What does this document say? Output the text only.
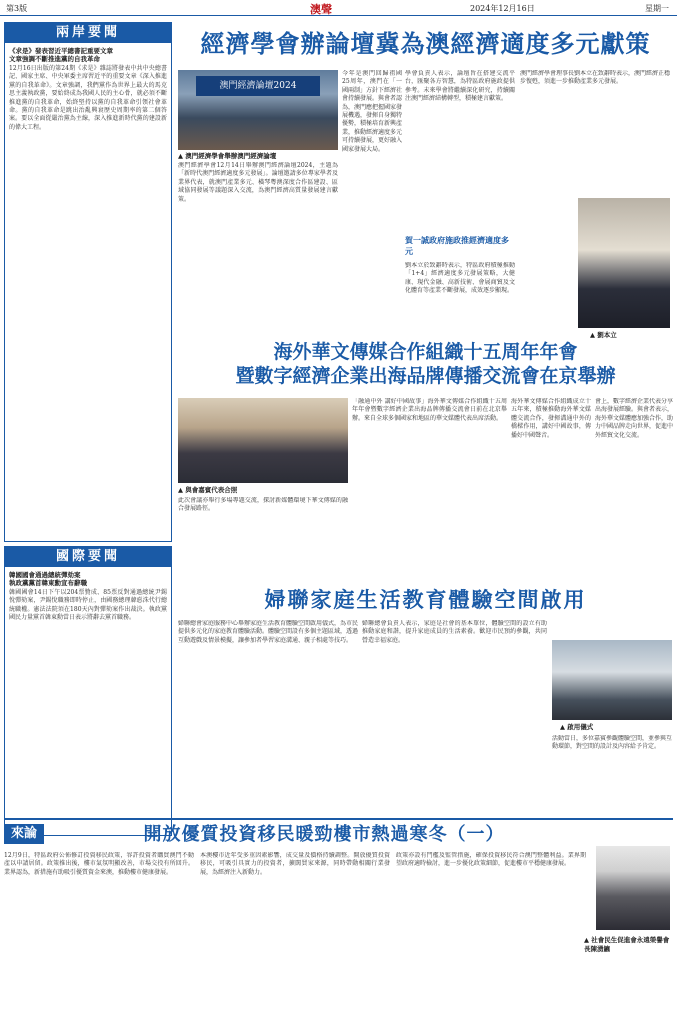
第3版	澳聲	2024年12月16日	星期一
兩岸要聞
《求是》發表習近平總書記重要文章
文章強調不斷推進黨的自我革命
12月16日出版的第24期《求是》雜誌將發表中共中央總書記、國家主席、中央軍委主席習近平的重要文章《深入推進黨的自我革命》。文章強調，我們黨作為世界上最大的馬克思主義執政黨，要始終成為我國人民的主心骨，就必須不斷推進黨的自我革命，始終堅持以黨的自我革命引領社會革命。黨的自我革命是跳出治亂興衰歷史周期率的第二個答案。要以全面從嚴治黨為主線，深入推進新時代黨的建設新的偉大工程。
國際要聞
韓國國會通過總統彈劾案
執政黨黨首韓東勳宣布辭職
韓國國會14日下午以204票贊成、85票反對通過總統尹錫悅彈劾案，尹錫悅職務即時停止，由國務總理韓悳洙代行總統職權。憲法法院須在180天內對彈劾案作出裁決。執政黨國民力量黨首韓東勳當日表示將辭去黨首職務。
經濟學會辦論壇冀為澳經濟適度多元獻策
澳門經濟論壇2024
▲ 澳門經濟學會舉辦澳門經濟論壇
澳門經濟學會12月14日舉辦澳門經濟論壇2024，主題為「新時代澳門經濟適度多元發展」。論壇邀請多位專家學者及業界代表，就澳門產業多元、橫琴粵澳深度合作區建設、區域協同發展等議題深入交流，為澳門經濟高質量發展建言獻策。
今年是澳門回歸祖國25周年，澳門在「一國兩制」方針下經濟社會持續發展。與會者認為，澳門應把握國家發展機遇，發揮自身獨特優勢，積極培育新興產業，推動經濟適度多元可持續發展，更好融入國家發展大局。
學會負責人表示，論壇旨在搭建交流平台，匯聚各方智慧，為特區政府施政提供參考。未來學會將繼續深化研究，持續關注澳門經濟結構轉型，積極建言獻策。
賀一誠政府施政推經濟適度多元
劉本立於致辭時表示，特區政府積極推動「1+4」經濟適度多元發展策略，大健康、現代金融、高新技術、會展商貿及文化體育等產業不斷發展，成效逐步顯現。
澳門經濟學會理事長劉本立在致辭時表示，澳門經濟正穩步復甦，須進一步推動產業多元發展。
▲ 劉本立
海外華文傳媒合作組織十五周年年會
暨數字經濟企業出海品牌傳播交流會在京舉辦
▲ 與會嘉賓代表合照
「融通中外 講好中國故事」海外華文傳媒合作組織十五周年年會暨數字經濟企業出海品牌傳播交流會日前在北京舉辦。來自全球多個國家和地區的華文媒體代表出席活動。
海外華文傳媒合作組織成立十五年來，積極推動海外華文媒體交流合作，發揮溝通中外的橋樑作用，講好中國故事，傳播好中國聲音。
會上，數字經濟企業代表分享出海發展經驗。與會者表示，海外華文媒體應加強合作，助力中國品牌走向世界，促進中外經貿文化交流。
此次會議亦舉行多場專題交流，探討新媒體環境下華文傳媒的融合發展路徑。
婦聯家庭生活教育體驗空間啟用
婦聯總會家庭服務中心舉辦家庭生活教育體驗空間啟用儀式，為市民提供多元化的家庭教育體驗活動。體驗空間設有多個主題區域，透過互動遊戲及情景模擬，讓參加者學習家庭溝通、親子相處等技巧。
婦聯總會負責人表示，家庭是社會的基本單位，體驗空間的設立有助推動家庭和諧，提升家庭成員的生活素養。歡迎市民預約參觀，共同營造幸福家庭。
▲ 啟用儀式
活動當日，多位嘉賓參觀體驗空間，並參與互動環節，對空間的設計及內容給予肯定。
來論	開放優質投資移民暖勁樓市熱過寒冬（一）
12月9日，特區政府公佈修訂投資移民政策，容許投資者購買澳門不動產以申請居留。政策推出後，樓市氣氛明顯改善，市場交投有所回升。業界認為，新措施有助吸引優質資金來澳，推動樓市健康發展。
本澳樓市近年受多重因素影響，成交量及價格持續調整。開放優質投資移民，可吸引具實力的投資者，擴闊買家來源，同時帶動相關行業發展，為經濟注入新動力。
政策亦設有門檻及監管措施，確保投資移民符合澳門整體利益。業界期望政府適時檢討，進一步優化政策細節，促進樓市平穩健康發展。
▲ 社會民生促進會永遠榮譽會長陳湧鑣
